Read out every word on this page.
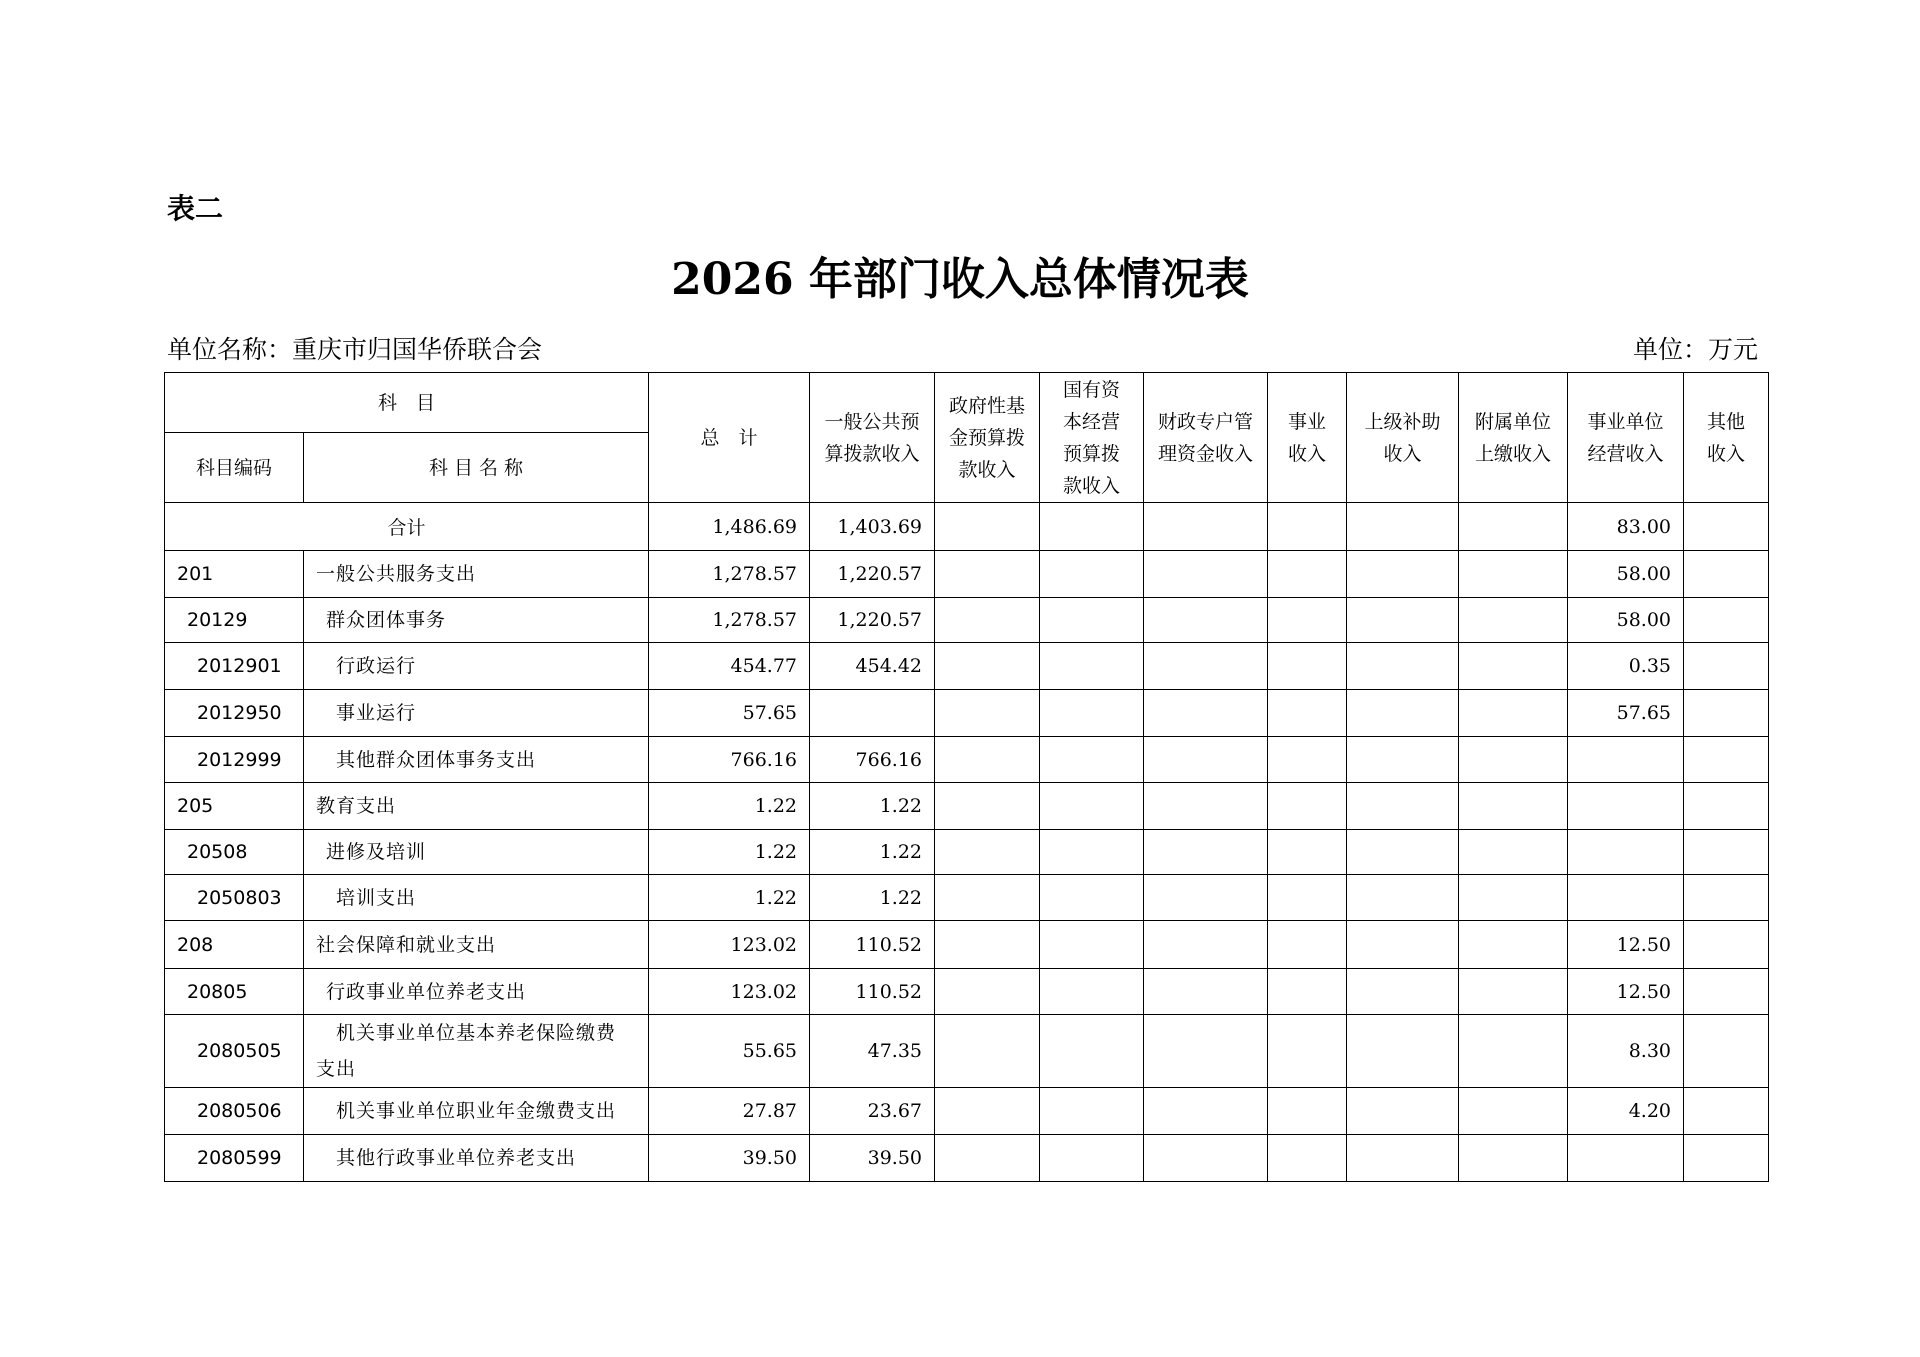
表二
2026 年部门收入总体情况表
单位名称：重庆市归国华侨联合会	单位：万元
科　目		总　计	一般公共预算拨款收入	政府性基金预算拨款收入	国有资本经营预算拨款收入	财政专户管理资金收入	事业收入	上级补助收入	附属单位上缴收入	事业单位经营收入	其他收入
科目编码	科 目 名 称										
合计		1,486.69	1,403.69							83.00	
201	一般公共服务支出	1,278.57	1,220.57							58.00	
20129	群众团体事务	1,278.57	1,220.57							58.00	
2012901	行政运行	454.77	454.42							0.35	
2012950	事业运行	57.65								57.65	
2012999	其他群众团体事务支出	766.16	766.16								
205	教育支出	1.22	1.22								
20508	进修及培训	1.22	1.22								
2050803	培训支出	1.22	1.22								
208	社会保障和就业支出	123.02	110.52							12.50	
20805	行政事业单位养老支出	123.02	110.52							12.50	
2080505	机关事业单位基本养老保险缴费支出	55.65	47.35							8.30	
2080506	机关事业单位职业年金缴费支出	27.87	23.67							4.20	
2080599	其他行政事业单位养老支出	39.50	39.50								
